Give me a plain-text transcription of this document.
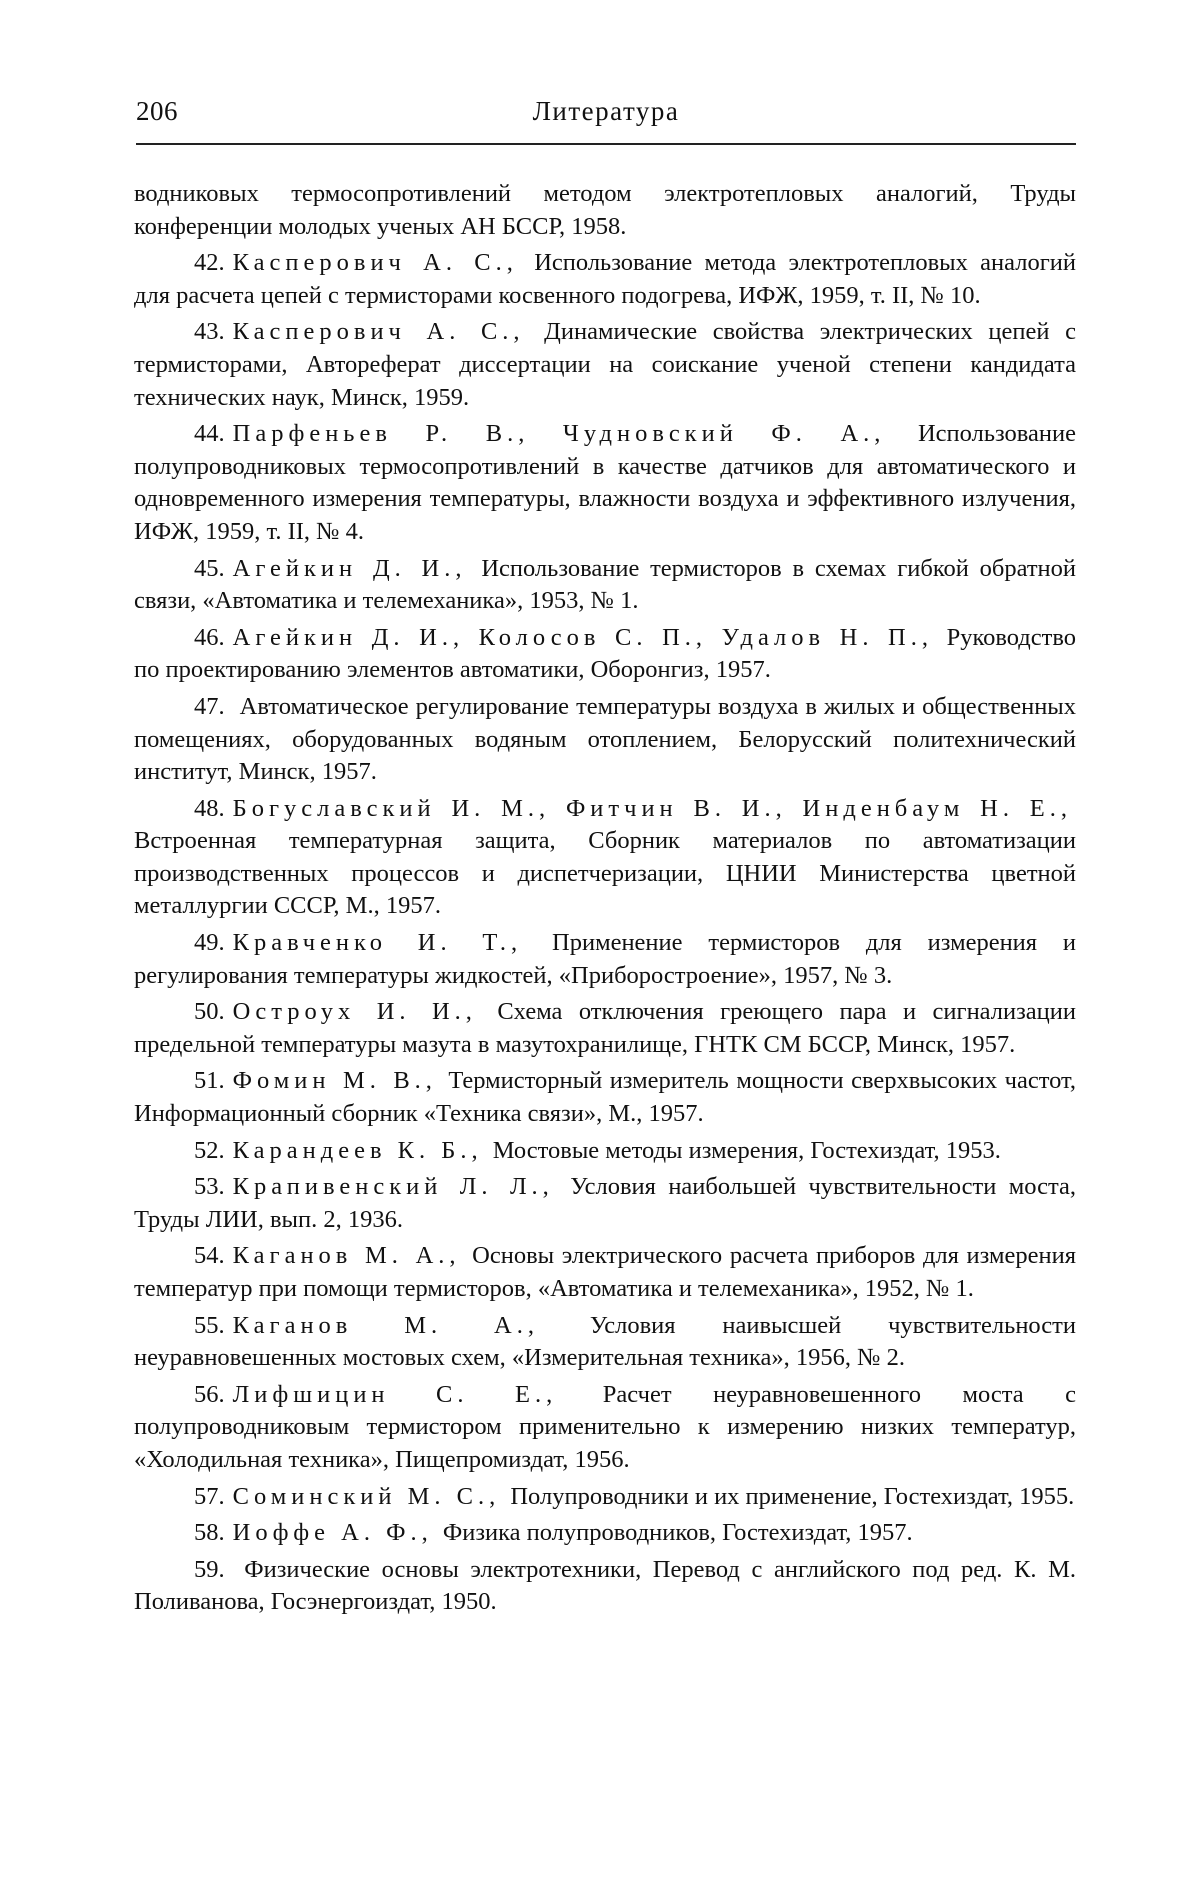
206	Литература

водниковых термосопротивлений методом электротепловых аналогий, Труды конференции молодых ученых АН БССР, 1958.

42. Касперович А. С., Использование метода электротепловых аналогий для расчета цепей с термисторами косвенного подогрева, ИФЖ, 1959, т. II, № 10.

43. Касперович А. С., Динамические свойства электрических цепей с термисторами, Автореферат диссертации на соискание ученой степени кандидата технических наук, Минск, 1959.

44. Парфеньев Р. В., Чудновский Ф. А., Использование полупроводниковых термосопротивлений в качестве датчиков для автоматического и одновременного измерения температуры, влажности воздуха и эффективного излучения, ИФЖ, 1959, т. II, № 4.

45. Агейкин Д. И., Использование термисторов в схемах гибкой обратной связи, «Автоматика и телемеханика», 1953, № 1.

46. Агейкин Д. И., Колосов С. П., Удалов Н. П., Руководство по проектированию элементов автоматики, Оборонгиз, 1957.

47. Автоматическое регулирование температуры воздуха в жилых и общественных помещениях, оборудованных водяным отоплением, Белорусский политехнический институт, Минск, 1957.

48. Богуславский И. М., Фитчин В. И., Инденбаум Н. Е., Встроенная температурная защита, Сборник материалов по автоматизации производственных процессов и диспетчеризации, ЦНИИ Министерства цветной металлургии СССР, М., 1957.

49. Кравченко И. Т., Применение термисторов для измерения и регулирования температуры жидкостей, «Приборостроение», 1957, № 3.

50. Остроух И. И., Схема отключения греющего пара и сигнализации предельной температуры мазута в мазутохранилище, ГНТК СМ БССР, Минск, 1957.

51. Фомин М. В., Термисторный измеритель мощности сверхвысоких частот, Информационный сборник «Техника связи», М., 1957.

52. Карандеев К. Б., Мостовые методы измерения, Гостехиздат, 1953.

53. Крапивенский Л. Л., Условия наибольшей чувствительности моста, Труды ЛИИ, вып. 2, 1936.

54. Каганов М. А., Основы электрического расчета приборов для измерения температур при помощи термисторов, «Автоматика и телемеханика», 1952, № 1.

55. Каганов М. А., Условия наивысшей чувствительности неуравновешенных мостовых схем, «Измерительная техника», 1956, № 2.

56. Лифшицин С. Е., Расчет неуравновешенного моста с полупроводниковым термистором применительно к измерению низких температур, «Холодильная техника», Пищепромиздат, 1956.

57. Соминский М. С., Полупроводники и их применение, Гостехиздат, 1955.

58. Иоффе А. Ф., Физика полупроводников, Гостехиздат, 1957.

59. Физические основы электротехники, Перевод с английского под ред. К. М. Поливанова, Госэнергоиздат, 1950.
